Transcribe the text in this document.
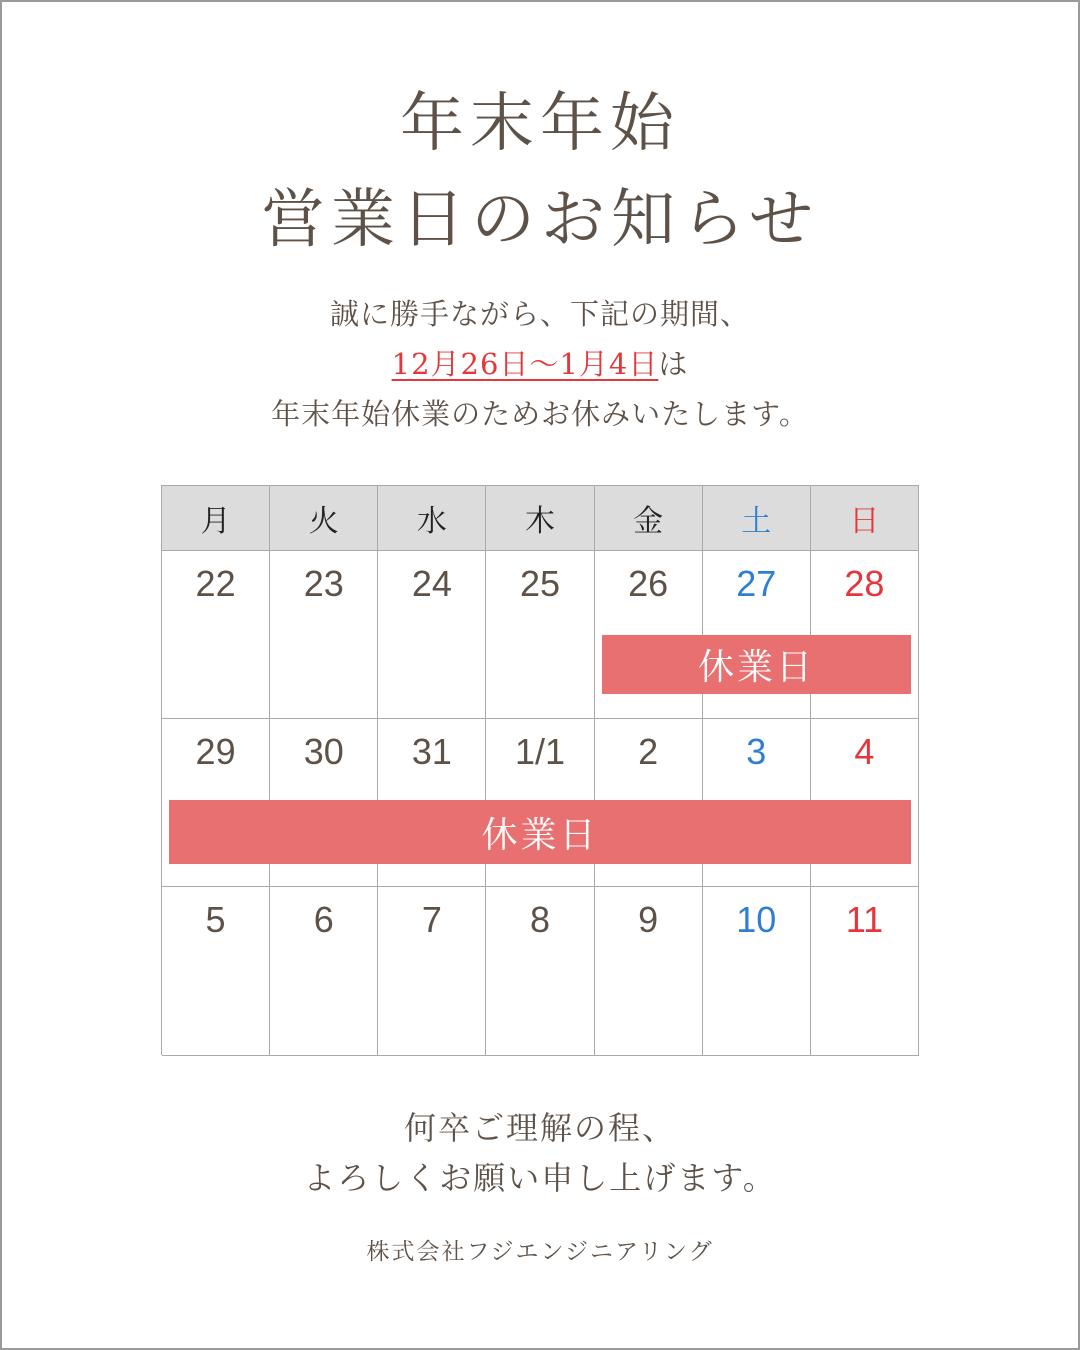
年末年始
営業日のお知らせ
誠に勝手ながら、下記の期間、
12月26日〜1月4日は
年末年始休業のためお休みいたします。
月	火	水	木	金	土	日
22	23	24	25	26	27	28
29	30	31	1/1	2	3	4
5	6	7	8	9	10	11
休業日
休業日
何卒ご理解の程、
よろしくお願い申し上げます。
株式会社フジエンジニアリング
